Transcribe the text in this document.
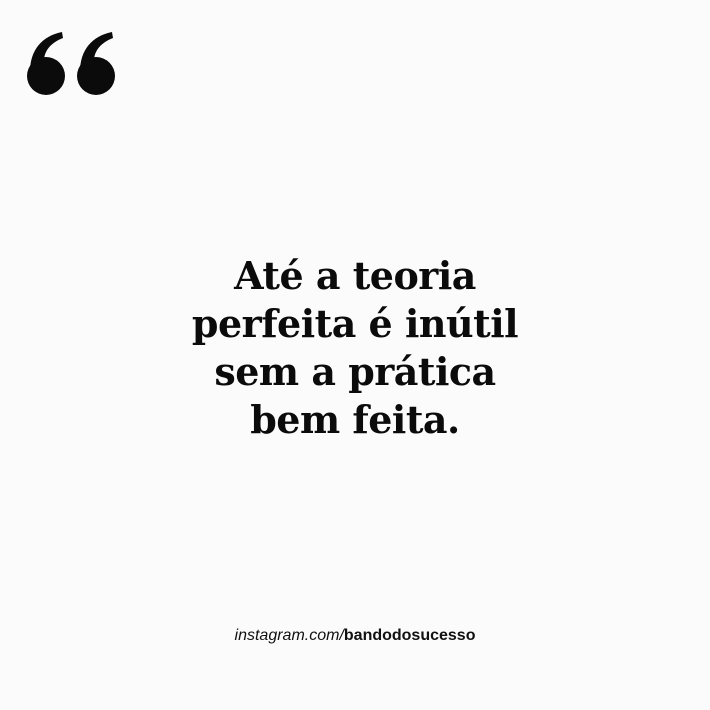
Até a teoria
perfeita é inútil
sem a prática
bem feita.
instagram.com/bandodosucesso
